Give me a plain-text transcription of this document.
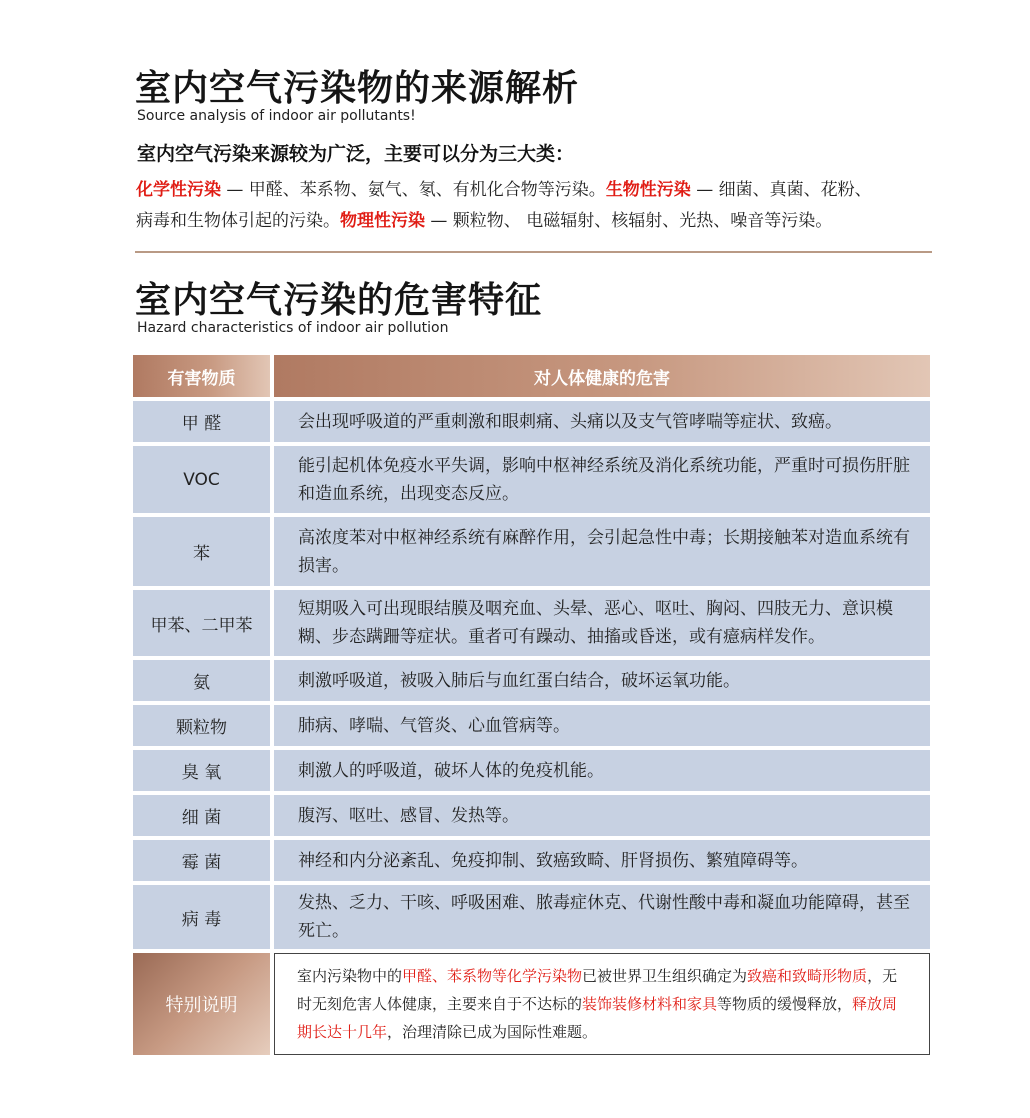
室内空气污染物的来源解析
Source analysis of indoor air pollutants!
室内空气污染来源较为广泛，主要可以分为三大类：
化学性污染 — 甲醛、苯系物、氨气、氡、有机化合物等污染。生物性污染 — 细菌、真菌、花粉、
病毒和生物体引起的污染。物理性污染 — 颗粒物、 电磁辐射、核辐射、光热、噪音等污染。
室内空气污染的危害特征
Hazard characteristics of indoor air pollution
有害物质	对人体健康的危害
甲 醛	会出现呼吸道的严重刺激和眼刺痛、头痛以及支气管哮喘等症状、致癌。
VOC	能引起机体免疫水平失调，影响中枢神经系统及消化系统功能，严重时可损伤肝脏和造血系统，出现变态反应。
苯	高浓度苯对中枢神经系统有麻醉作用，会引起急性中毒；长期接触苯对造血系统有损害。
甲苯、二甲苯	短期吸入可出现眼结膜及咽充血、头晕、恶心、呕吐、胸闷、四肢无力、意识模糊、步态蹒跚等症状。重者可有躁动、抽搐或昏迷，或有癔病样发作。
氨	刺激呼吸道，被吸入肺后与血红蛋白结合，破坏运氧功能。
颗粒物	肺病、哮喘、气管炎、心血管病等。
臭 氧	刺激人的呼吸道，破坏人体的免疫机能。
细 菌	腹泻、呕吐、感冒、发热等。
霉 菌	神经和内分泌紊乱、免疫抑制、致癌致畸、肝肾损伤、繁殖障碍等。
病 毒	发热、乏力、干咳、呼吸困难、脓毒症休克、代谢性酸中毒和凝血功能障碍，甚至死亡。
特别说明	室内污染物中的甲醛、苯系物等化学污染物已被世界卫生组织确定为致癌和致畸形物质，无时无刻危害人体健康，主要来自于不达标的装饰装修材料和家具等物质的缓慢释放，释放周期长达十几年，治理清除已成为国际性难题。
